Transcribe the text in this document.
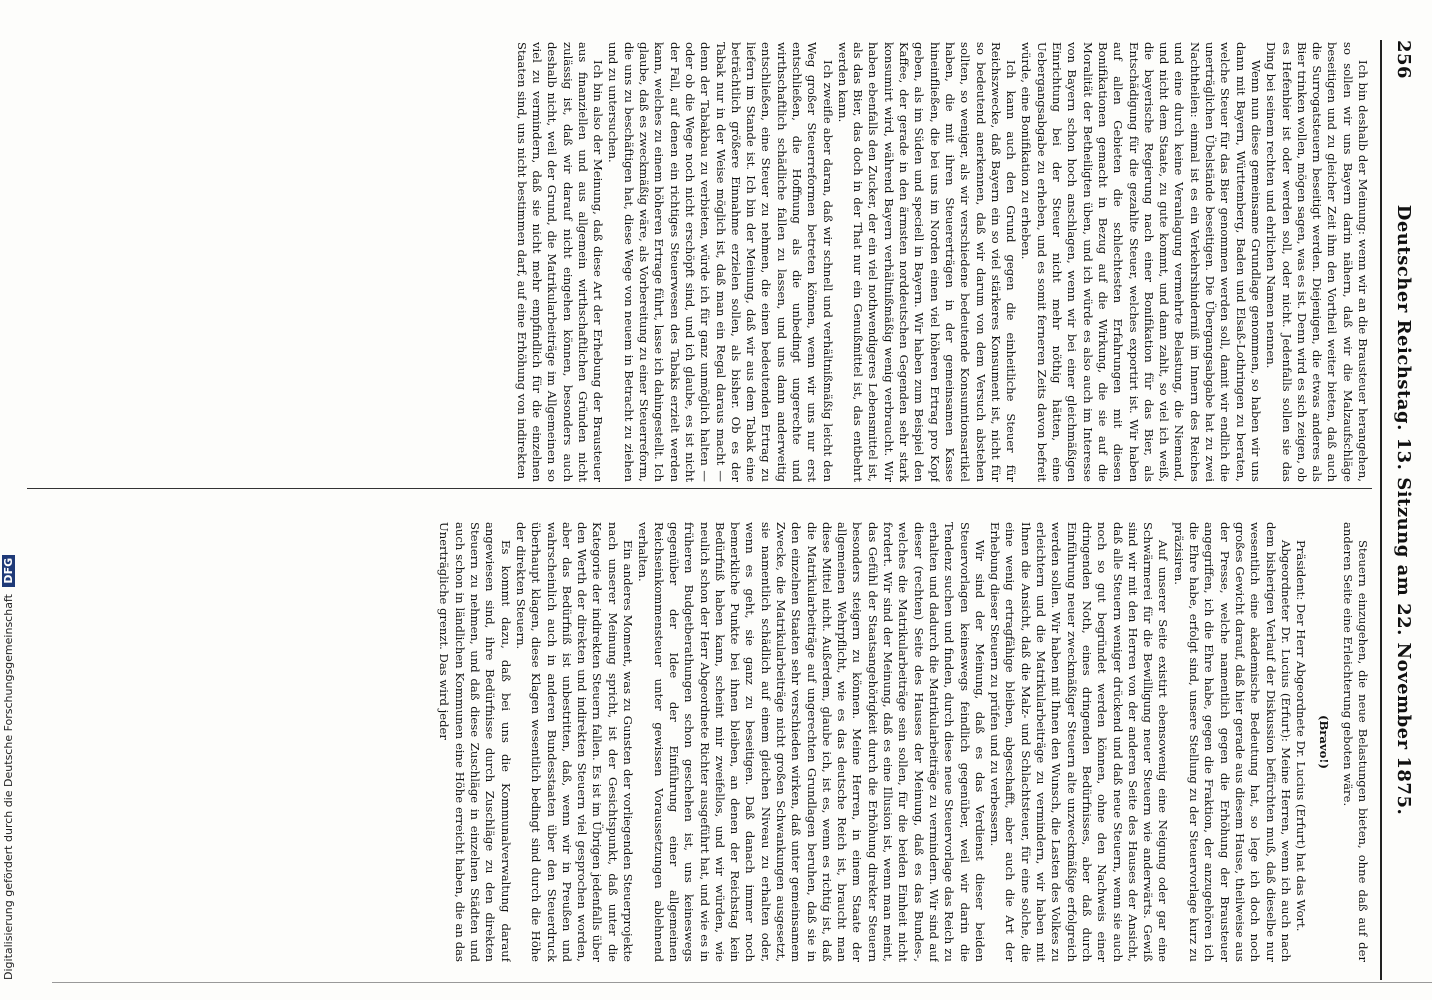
256
Deutscher Reichstag. 13. Sitzung am 22. November 1875.

Ich bin deshalb der Meinung: wenn wir an die Brausteuer herangehen, so sollen wir uns Bayern darin nähern, daß wir die Malzaufschläge beseitigen und zu gleicher Zeit ihm den Vortheil weiter bieten, daß auch die Surrogatsteuern beseitigt werden. Diejenigen, die etwas anderes als Bier trinken wollen, mögen sagen, was es ist. Denn wird es sich zeigen, ob es Hefenbier ist oder werden soll, oder nicht. Jedenfalls sollen sie das Ding bei seinem rechten und ehrlichen Namen nennen.

Wenn nun diese gemeinsame Grundlage genommen, so haben wir uns dann mit Bayern, Württemberg, Baden und Elsaß-Lothringen zu beraten, welche Steuer für das Bier genommen werden soll, damit wir endlich die unerträglichen Übelstände beseitigen. Die Übergangsabgabe hat zu zwei Nachtheilen: einmal ist es ein Verkehrshinderniß im Innern des Reiches und eine durch keine Veranlagung vermehrte Belastung, die Niemand, und nicht dem Staate, zu gute kommt, und dann zahlt, so viel ich weiß, die bayerische Regierung nach einer Bonifikation für das Bier, als Entschädigung für die gezahlte Steuer, welches exportirt ist. Wir haben auf allen Gebieten die schlechtesten Erfahrungen mit diesen Bonifikationen gemacht in Bezug auf die Wirkung, die sie auf die Moralität der Betheiligten üben, und ich würde es also auch im Interesse von Bayern schon hoch anschlagen, wenn wir bei einer gleichmäßigen Einrichtung bei der Steuer nicht mehr nöthig hätten, eine Uebergangsabgabe zu erheben, und es somit ferneren Zeits davon befreit würde, eine Bonifikation zu erheben.

Ich kann auch den Grund gegen die einheitliche Steuer für Reichszwecke, daß Bayern ein so viel stärkeres Konsument ist, nicht für so bedeutend anerkennen, daß wir darum von dem Versuch abstehen sollten, so weniger, als wir verschiedene bedeutende Konsumtionsartikel haben, die mit ihren Steuererträgen in der gemeinsamen Kasse hineinfließen, die bei uns im Norden einen viel höheren Ertrag pro Kopf geben, als im Süden und speciell in Bayern. Wir haben zum Beispiel den Kaffee, der gerade in den ärmsten norddeutschen Gegenden sehr stark konsumirt wird, während Bayern verhältnißmäßig wenig verbraucht. Wir haben ebenfalls den Zucker, der ein viel nothwendigeres Lebensmittel ist, als das Bier, das doch in der That nur ein Genußmittel ist, das entbehrt werden kann.

Ich zweifle aber daran, daß wir schnell und verhältnißmäßig leicht den Weg großer Steuerreformen betreten können, wenn wir uns nur erst entschließen, die Hoffnung als die unbedingt ungerechte und wirthschaftlich schädliche fallen zu lassen, und uns dann anderweitig entschließen, eine Steuer zu nehmen, die einen bedeutenden Ertrag zu liefern im Stande ist. Ich bin der Meinung, daß wir aus dem Tabak eine beträchtlich größere Einnahme erzielen sollen, als bisher. Ob es der Tabak nur in der Weise möglich ist, daß man ein Regal daraus macht — denn der Tabakbau zu verbieten, würde ich für ganz unmöglich halten — oder ob die Wege noch nicht erschöpft sind, und ich glaube, es ist nicht der Fall, auf denen ein richtiges Steuerwesen des Tabaks erzielt werden kann, welches zu einem höheren Ertrage führt, lasse ich dahingestellt. Ich glaube, daß es zweckmäßig wäre, als Vorbereitung zu einer Steuerreform, die uns zu beschäftigen hat, diese Wege von neuem in Betracht zu ziehen und zu untersuchen.

Ich bin also der Meinung, daß diese Art der Erhebung der Brausteuer aus finanziellen und aus allgemein wirthschaftlichen Gründen nicht zulässig ist, daß wir darauf nicht eingehen können, besonders auch deshalb nicht, weil der Grund, die Matrikularbeiträge im Allgemeinen so viel zu vermindern, daß sie nicht mehr empfindlich für die einzelnen Staaten sind, uns nicht bestimmen darf, auf eine Erhöhung von indirekten

Steuern einzugehen, die neue Belastungen bieten, ohne daß auf der anderen Seite eine Erleichterung geboten wäre.

(Bravo!)

Präsident: Der Herr Abgeordnete Dr. Lucius (Erfurt) hat das Wort.

Abgeordneter Dr. Lucius (Erfurt): Meine Herren, wenn ich auch nach dem bisherigen Verlauf der Diskussion befürchten muß, daß dieselbe nur wesentlich eine akademische Bedeutung hat, so lege ich doch noch großes Gewicht darauf, daß hier gerade aus diesem Hause, theilweise aus der Presse, welche namentlich gegen die Erhöhung der Brausteuer angegriffen, ich die Ehre habe, gegen die Fraktion, der anzugehören ich die Ehre habe, erfolgt sind, unsere Stellung zu der Steuervorlage kurz zu präzisiren.

Auf unserer Seite existirt ebensowenig eine Neigung oder gar eine Schwärmerei für die Bewilligung neuer Steuern wie anderwärts. Gewiß sind wir mit den Herren von der anderen Seite des Hauses der Ansicht, daß alle Steuern weniger drückend und daß neue Steuern, wenn sie auch noch so gut begründet werden können, ohne den Nachweis einer dringenden Noth, eines dringenden Bedürfnisses, aber daß durch Einführung neuer zweckmäßiger Steuern alte unzweckmäßige erfolgreich werden sollen. Wir haben mit Ihnen den Wunsch, die Lasten des Volkes zu erleichtern und die Matrikularbeiträge zu vermindern, wir haben mit Ihnen die Ansicht, daß die Malz- und Schlachtsteuer, für eine solche, die eine wenig ertragfähige bleiben, abgeschafft, aber auch die Art der Erhebung dieser Steuern zu prüfen und zu verbessern.

Wir sind der Meinung, daß es das Verdienst dieser beiden Steuervorlagen keineswegs feindlich gegenüber, weil wir darin die Tendenz suchen und finden, durch diese neue Steuervorlage das Reich zu erhalten und dadurch die Matrikularbeiträge zu vermindern. Wir sind auf dieser (rechten) Seite des Hauses der Meinung, daß es das Bundes-, welches die Matrikularbeiträge sein sollen, für die beiden Einheit nicht fordert. Wir sind der Meinung, daß es eine Illusion ist, wenn man meint, das Gefühl der Staatsangehörigkeit durch die Erhöhung direkter Steuern besonders steigern zu können. Meine Herren, in einem Staate der allgemeinen Wehrpflicht, wie es das deutsche Reich ist, braucht man diese Mittel nicht. Außerdem, glaube ich, ist es, wenn es richtig ist, daß die Matrikularbeiträge auf ungerechten Grundlagen beruhen, daß sie in den einzelnen Staaten sehr verschieden wirken, daß unter gemeinsamem Zwecke, die Matrikularbeiträge nicht großen Schwankungen ausgesetzt, sie namentlich schädlich auf einem gleichen Niveau zu erhalten oder, wenn es geht, sie ganz zu beseitigen. Daß danach immer noch bemerkliche Punkte bei ihnen bleiben, an denen der Reichstag kein Bedürfniß haben kann, scheint mir zweifellos, und wir würden, wie neulich schon der Herr Abgeordnete Richter ausgeführt hat, und wie es in früheren Budgetberathungen schon geschehen ist, uns keineswegs gegenüber der Idee der Einführung einer allgemeinen Reichseinkommensteuer unter gewissen Voraussetzungen ablehnend verhalten.

Ein anderes Moment, was zu Gunsten der vorliegenden Steuerprojekte nach unserer Meinung spricht, ist der Gesichtspunkt, daß unter die Kategorie der indirekten Steuern fallen. Es ist im Übrigen jedenfalls über den Werth der direkten und indirekten Steuern viel gesprochen worden, aber das Bedürfniß ist unbestritten, daß, wenn wir in Preußen und wahrscheinlich auch in anderen Bundesstaaten über den Steuerdruck überhaupt klagen, diese Klagen wesentlich bedingt sind durch die Höhe der direkten Steuern.

Es kommt dazu, daß bei uns die Kommunalverwaltung darauf angewiesen sind, ihre Bedürfnisse durch Zuschläge zu den direkten Steuern zu nehmen, und daß diese Zuschläge in einzelnen Städten und auch schon in ländlichen Kommunen eine Höhe erreicht haben, die an das Unerträgliche grenzt. Das wird jeder

Digitalisierung gefördert durch die Deutsche Forschungsgemeinschaft DFG
